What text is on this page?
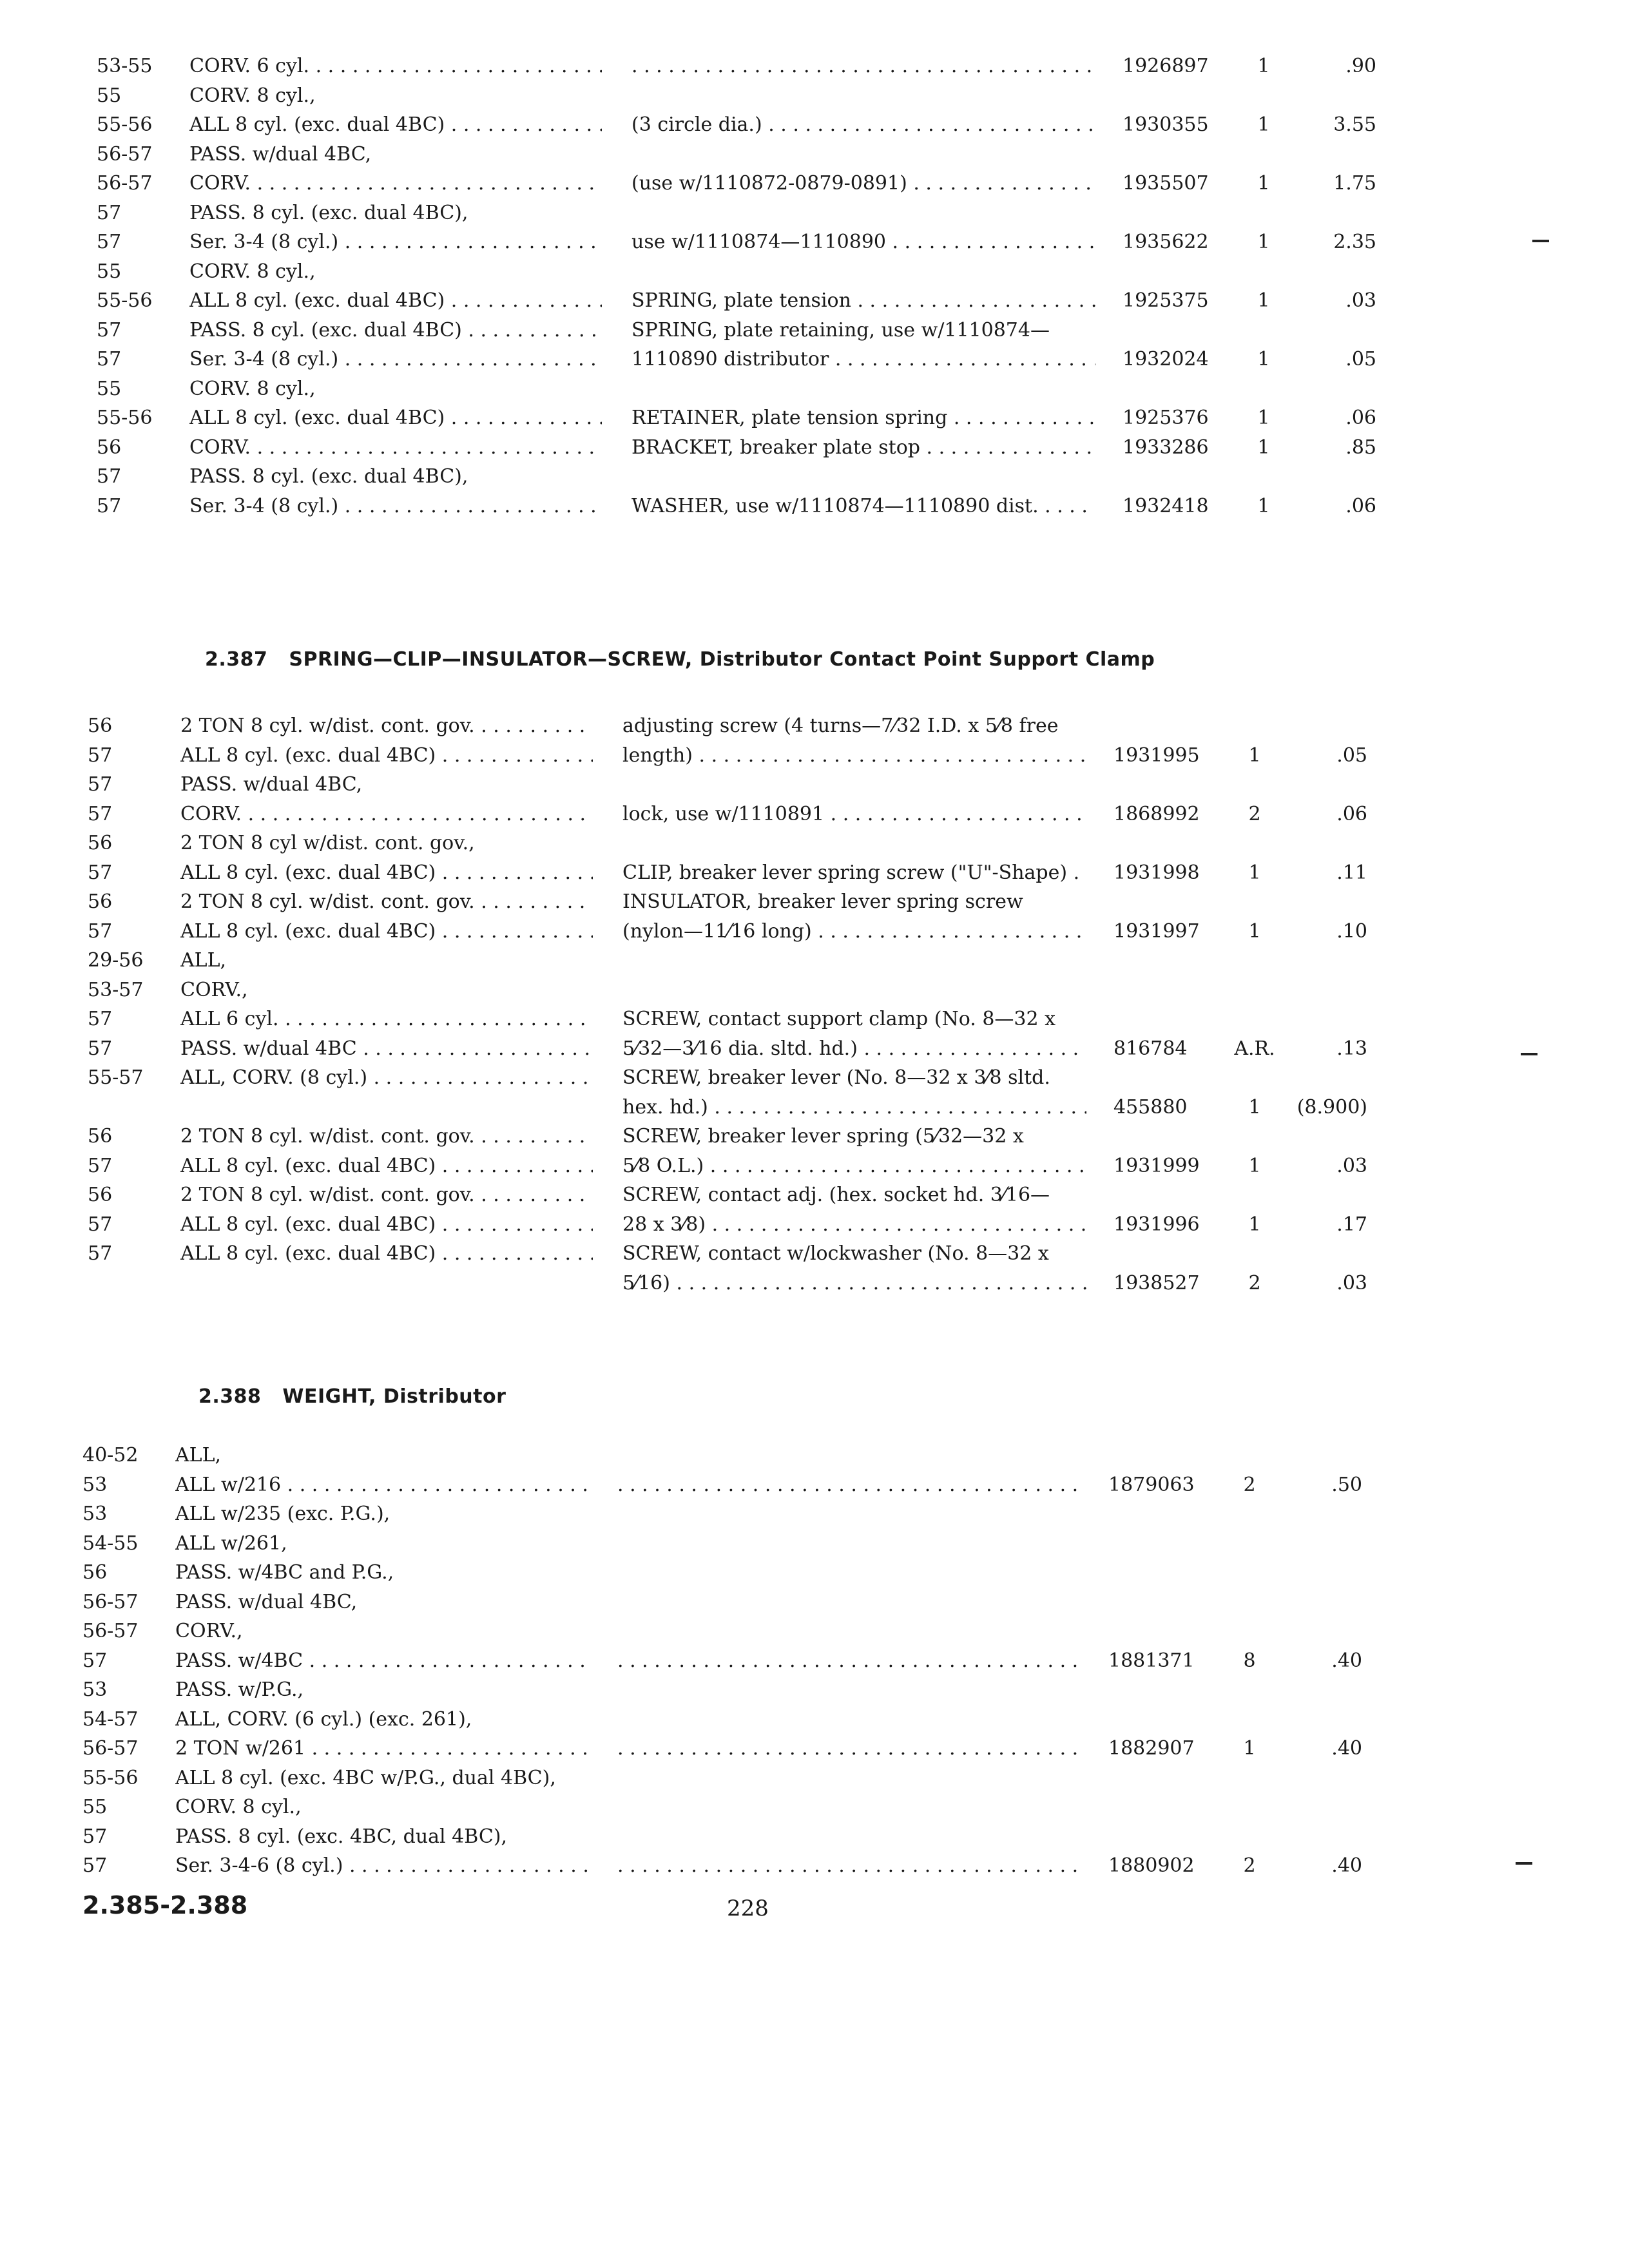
53-55	CORV. 6 cyl. . . . . . .	1926897	1	.90
55	CORV. 8 cyl.,
55-56	ALL 8 cyl. (exc. dual 4BC) . . .	(3 circle dia.) . . .	1930355	1	3.55
56-57	PASS. w/dual 4BC,
56-57	CORV. . . .	(use w/1110872-0879-0891) . . .	1935507	1	1.75
57	PASS. 8 cyl. (exc. dual 4BC),
57	Ser. 3-4 (8 cyl.) . . .	use w/1110874—1110890 . . .	1935622	1	2.35
55	CORV. 8 cyl.,
55-56	ALL 8 cyl. (exc. dual 4BC) . . .	SPRING, plate tension . . .	1925375	1	.03
57	PASS. 8 cyl. (exc. dual 4BC) . . .	SPRING, plate retaining, use w/1110874—
57	Ser. 3-4 (8 cyl.) . . .	1110890 distributor . . .	1932024	1	.05
55	CORV. 8 cyl.,
55-56	ALL 8 cyl. (exc. dual 4BC) . . .	RETAINER, plate tension spring . . .	1925376	1	.06
56	CORV. . . .	BRACKET, breaker plate stop . . .	1933286	1	.85
57	PASS. 8 cyl. (exc. dual 4BC),
57	Ser. 3-4 (8 cyl.) . . .	WASHER, use w/1110874—1110890 dist. . . .	1932418	1	.06
2.387 SPRING—CLIP—INSULATOR—SCREW, Distributor Contact Point Support Clamp
56	2 TON 8 cyl. w/dist. cont. gov. . . .	adjusting screw (4 turns—7⁄32 I.D. x 5⁄8 free
57	ALL 8 cyl. (exc. dual 4BC) . . .	length) . . .	1931995	1	.05
57	PASS. w/dual 4BC,
57	CORV. . . .	lock, use w/1110891 . . .	1868992	2	.06
56	2 TON 8 cyl w/dist. cont. gov.,
57	ALL 8 cyl. (exc. dual 4BC) . . .	CLIP, breaker lever spring screw ("U"-Shape) . . .	1931998	1	.11
56	2 TON 8 cyl. w/dist. cont. gov. . . .	INSULATOR, breaker lever spring screw
57	ALL 8 cyl. (exc. dual 4BC) . . .	(nylon—11⁄16 long) . . .	1931997	1	.10
29-56	ALL,
53-57	CORV.,
57	ALL 6 cyl. . . .	SCREW, contact support clamp (No. 8—32 x
57	PASS. w/dual 4BC . . .	5⁄32—3⁄16 dia. sltd. hd.) . . .	816784	A.R.	.13
55-57	ALL, CORV. (8 cyl.) . . .	SCREW, breaker lever (No. 8—32 x 3⁄8 sltd.
hex. hd.) . . .	455880	1	(8.900)
56	2 TON 8 cyl. w/dist. cont. gov. . . .	SCREW, breaker lever spring (5⁄32—32 x
57	ALL 8 cyl. (exc. dual 4BC) . . .	5⁄8 O.L.) . . .	1931999	1	.03
56	2 TON 8 cyl. w/dist. cont. gov. . . .	SCREW, contact adj. (hex. socket hd. 3⁄16—
57	ALL 8 cyl. (exc. dual 4BC) . . .	28 x 3⁄8) . . .	1931996	1	.17
57	ALL 8 cyl. (exc. dual 4BC) . . .	SCREW, contact w/lockwasher (No. 8—32 x
5⁄16) . . .	1938527	2	.03
2.388 WEIGHT, Distributor
40-52	ALL,
53	ALL w/216 . . . . . .	1879063	2	.50
53	ALL w/235 (exc. P.G.),
54-55	ALL w/261,
56	PASS. w/4BC and P.G.,
56-57	PASS. w/dual 4BC,
56-57	CORV.,
57	PASS. w/4BC . . . . . .	1881371	8	.40
53	PASS. w/P.G.,
54-57	ALL, CORV. (6 cyl.) (exc. 261),
56-57	2 TON w/261 . . . . . .	1882907	1	.40
55-56	ALL 8 cyl. (exc. 4BC w/P.G., dual 4BC),
55	CORV. 8 cyl.,
57	PASS. 8 cyl. (exc. 4BC, dual 4BC),
57	Ser. 3-4-6 (8 cyl.) . . . . . .	1880902	2	.40
2.385-2.388	228
